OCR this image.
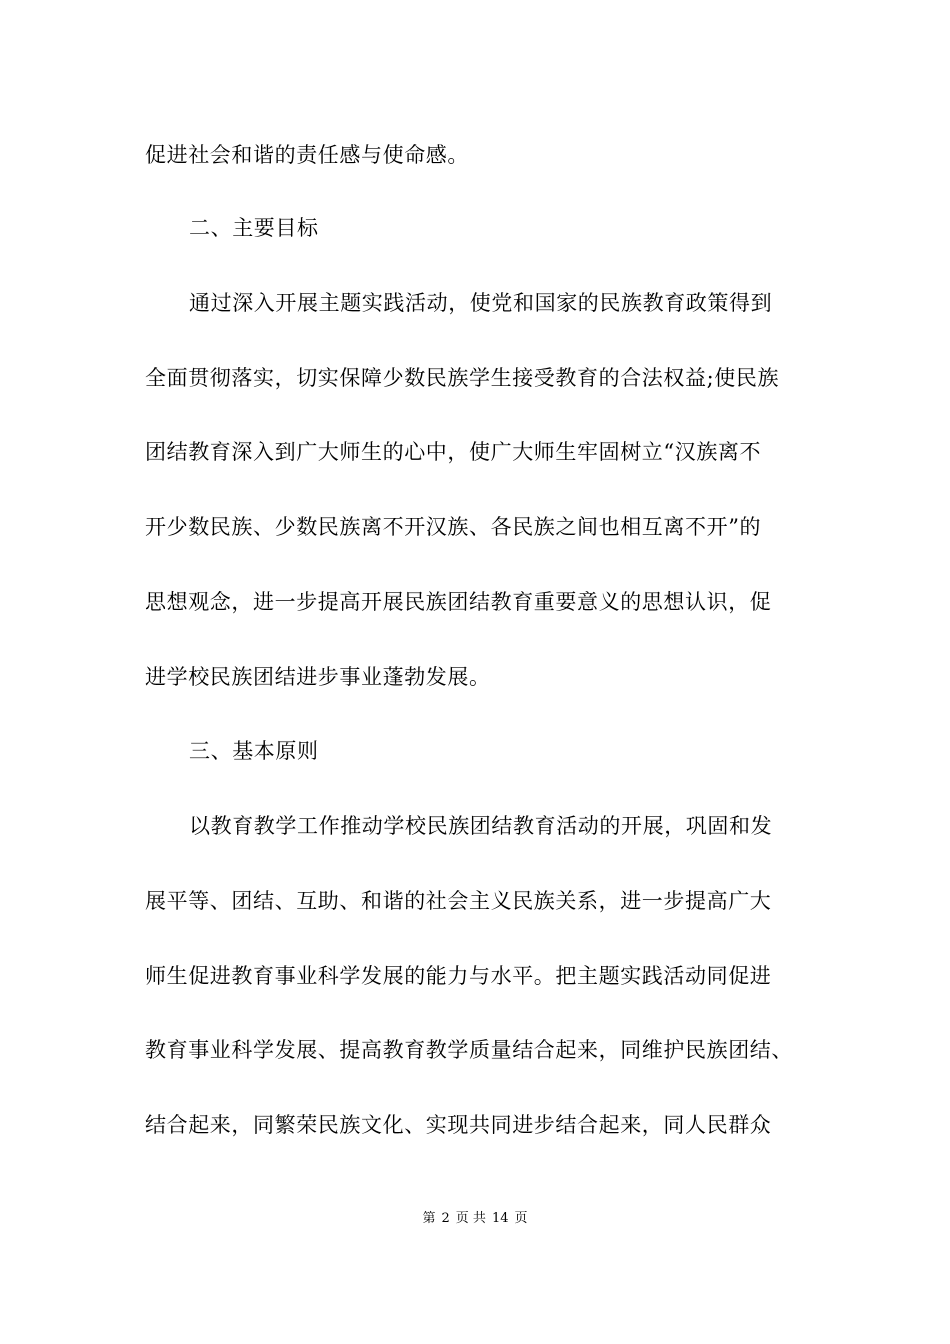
促进社会和谐的责任感与使命感。
二、主要目标
通过深入开展主题实践活动，使党和国家的民族教育政策得到
全面贯彻落实，切实保障少数民族学生接受教育的合法权益;使民族
团结教育深入到广大师生的心中，使广大师生牢固树立“汉族离不
开少数民族、少数民族离不开汉族、各民族之间也相互离不开”的
思想观念，进一步提高开展民族团结教育重要意义的思想认识，促
进学校民族团结进步事业蓬勃发展。
三、基本原则
以教育教学工作推动学校民族团结教育活动的开展，巩固和发
展平等、团结、互助、和谐的社会主义民族关系，进一步提高广大
师生促进教育事业科学发展的能力与水平。把主题实践活动同促进
教育事业科学发展、提高教育教学质量结合起来，同维护民族团结、
结合起来，同繁荣民族文化、实现共同进步结合起来，同人民群众
第 2 页 共 14 页
